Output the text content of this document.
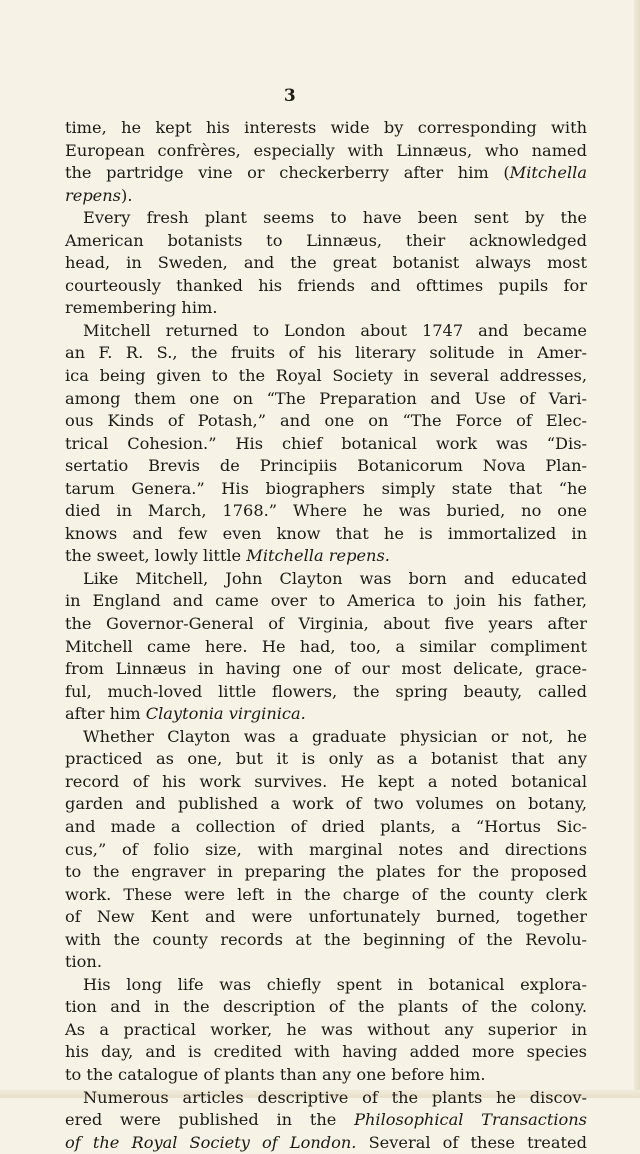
3
time, he kept his interests wide by corresponding with
European confrères, especially with Linnæus, who named
the partridge vine or checkerberry after him (Mitchella
repens).
Every fresh plant seems to have been sent by the
American botanists to Linnæus, their acknowledged
head, in Sweden, and the great botanist always most
courteously thanked his friends and ofttimes pupils for
remembering him.
Mitchell returned to London about 1747 and became
an F. R. S., the fruits of his literary solitude in Amer-
ica being given to the Royal Society in several addresses,
among them one on “The Preparation and Use of Vari-
ous Kinds of Potash,” and one on “The Force of Elec-
trical Cohesion.” His chief botanical work was “Dis-
sertatio Brevis de Principiis Botanicorum Nova Plan-
tarum Genera.” His biographers simply state that “he
died in March, 1768.” Where he was buried, no one
knows and few even know that he is immortalized in
the sweet, lowly little Mitchella repens.
Like Mitchell, John Clayton was born and educated
in England and came over to America to join his father,
the Governor-General of Virginia, about five years after
Mitchell came here. He had, too, a similar compliment
from Linnæus in having one of our most delicate, grace-
ful, much-loved little flowers, the spring beauty, called
after him Claytonia virginica.
Whether Clayton was a graduate physician or not, he
practiced as one, but it is only as a botanist that any
record of his work survives. He kept a noted botanical
garden and published a work of two volumes on botany,
and made a collection of dried plants, a “Hortus Sic-
cus,” of folio size, with marginal notes and directions
to the engraver in preparing the plates for the proposed
work. These were left in the charge of the county clerk
of New Kent and were unfortunately burned, together
with the county records at the beginning of the Revolu-
tion.
His long life was chiefly spent in botanical explora-
tion and in the description of the plants of the colony.
As a practical worker, he was without any superior in
his day, and is credited with having added more species
to the catalogue of plants than any one before him.
Numerous articles descriptive of the plants he discov-
ered were published in the Philosophical Transactions
of the Royal Society of London. Several of these treated
